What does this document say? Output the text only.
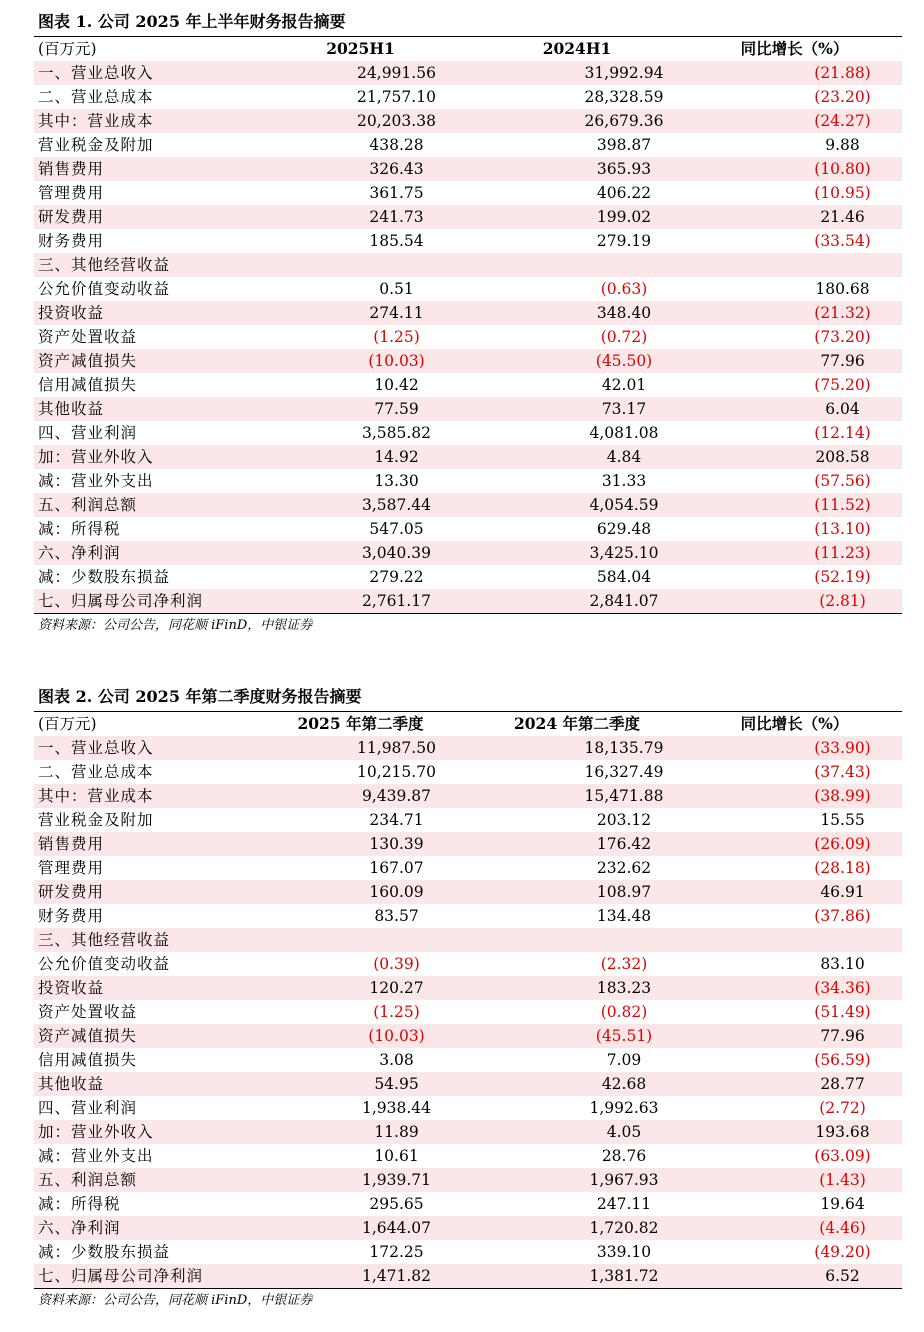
图表 1. 公司 2025 年上半年财务报告摘要
(百万元)	2025H1	2024H1	同比增长（%）
一、营业总收入	24,991.56	31,992.94	(21.88)
二、营业总成本	21,757.10	28,328.59	(23.20)
其中：营业成本	20,203.38	26,679.36	(24.27)
营业税金及附加	438.28	398.87	9.88
销售费用	326.43	365.93	(10.80)
管理费用	361.75	406.22	(10.95)
研发费用	241.73	199.02	21.46
财务费用	185.54	279.19	(33.54)
三、其他经营收益			
公允价值变动收益	0.51	(0.63)	180.68
投资收益	274.11	348.40	(21.32)
资产处置收益	(1.25)	(0.72)	(73.20)
资产减值损失	(10.03)	(45.50)	77.96
信用减值损失	10.42	42.01	(75.20)
其他收益	77.59	73.17	6.04
四、营业利润	3,585.82	4,081.08	(12.14)
加：营业外收入	14.92	4.84	208.58
减：营业外支出	13.30	31.33	(57.56)
五、利润总额	3,587.44	4,054.59	(11.52)
减：所得税	547.05	629.48	(13.10)
六、净利润	3,040.39	3,425.10	(11.23)
减：少数股东损益	279.22	584.04	(52.19)
七、归属母公司净利润	2,761.17	2,841.07	(2.81)
资料来源：公司公告，同花顺 iFinD，中银证券
图表 2. 公司 2025 年第二季度财务报告摘要
(百万元)	2025 年第二季度	2024 年第二季度	同比增长（%）
一、营业总收入	11,987.50	18,135.79	(33.90)
二、营业总成本	10,215.70	16,327.49	(37.43)
其中：营业成本	9,439.87	15,471.88	(38.99)
营业税金及附加	234.71	203.12	15.55
销售费用	130.39	176.42	(26.09)
管理费用	167.07	232.62	(28.18)
研发费用	160.09	108.97	46.91
财务费用	83.57	134.48	(37.86)
三、其他经营收益			
公允价值变动收益	(0.39)	(2.32)	83.10
投资收益	120.27	183.23	(34.36)
资产处置收益	(1.25)	(0.82)	(51.49)
资产减值损失	(10.03)	(45.51)	77.96
信用减值损失	3.08	7.09	(56.59)
其他收益	54.95	42.68	28.77
四、营业利润	1,938.44	1,992.63	(2.72)
加：营业外收入	11.89	4.05	193.68
减：营业外支出	10.61	28.76	(63.09)
五、利润总额	1,939.71	1,967.93	(1.43)
减：所得税	295.65	247.11	19.64
六、净利润	1,644.07	1,720.82	(4.46)
减：少数股东损益	172.25	339.10	(49.20)
七、归属母公司净利润	1,471.82	1,381.72	6.52
资料来源：公司公告，同花顺 iFinD，中银证券
